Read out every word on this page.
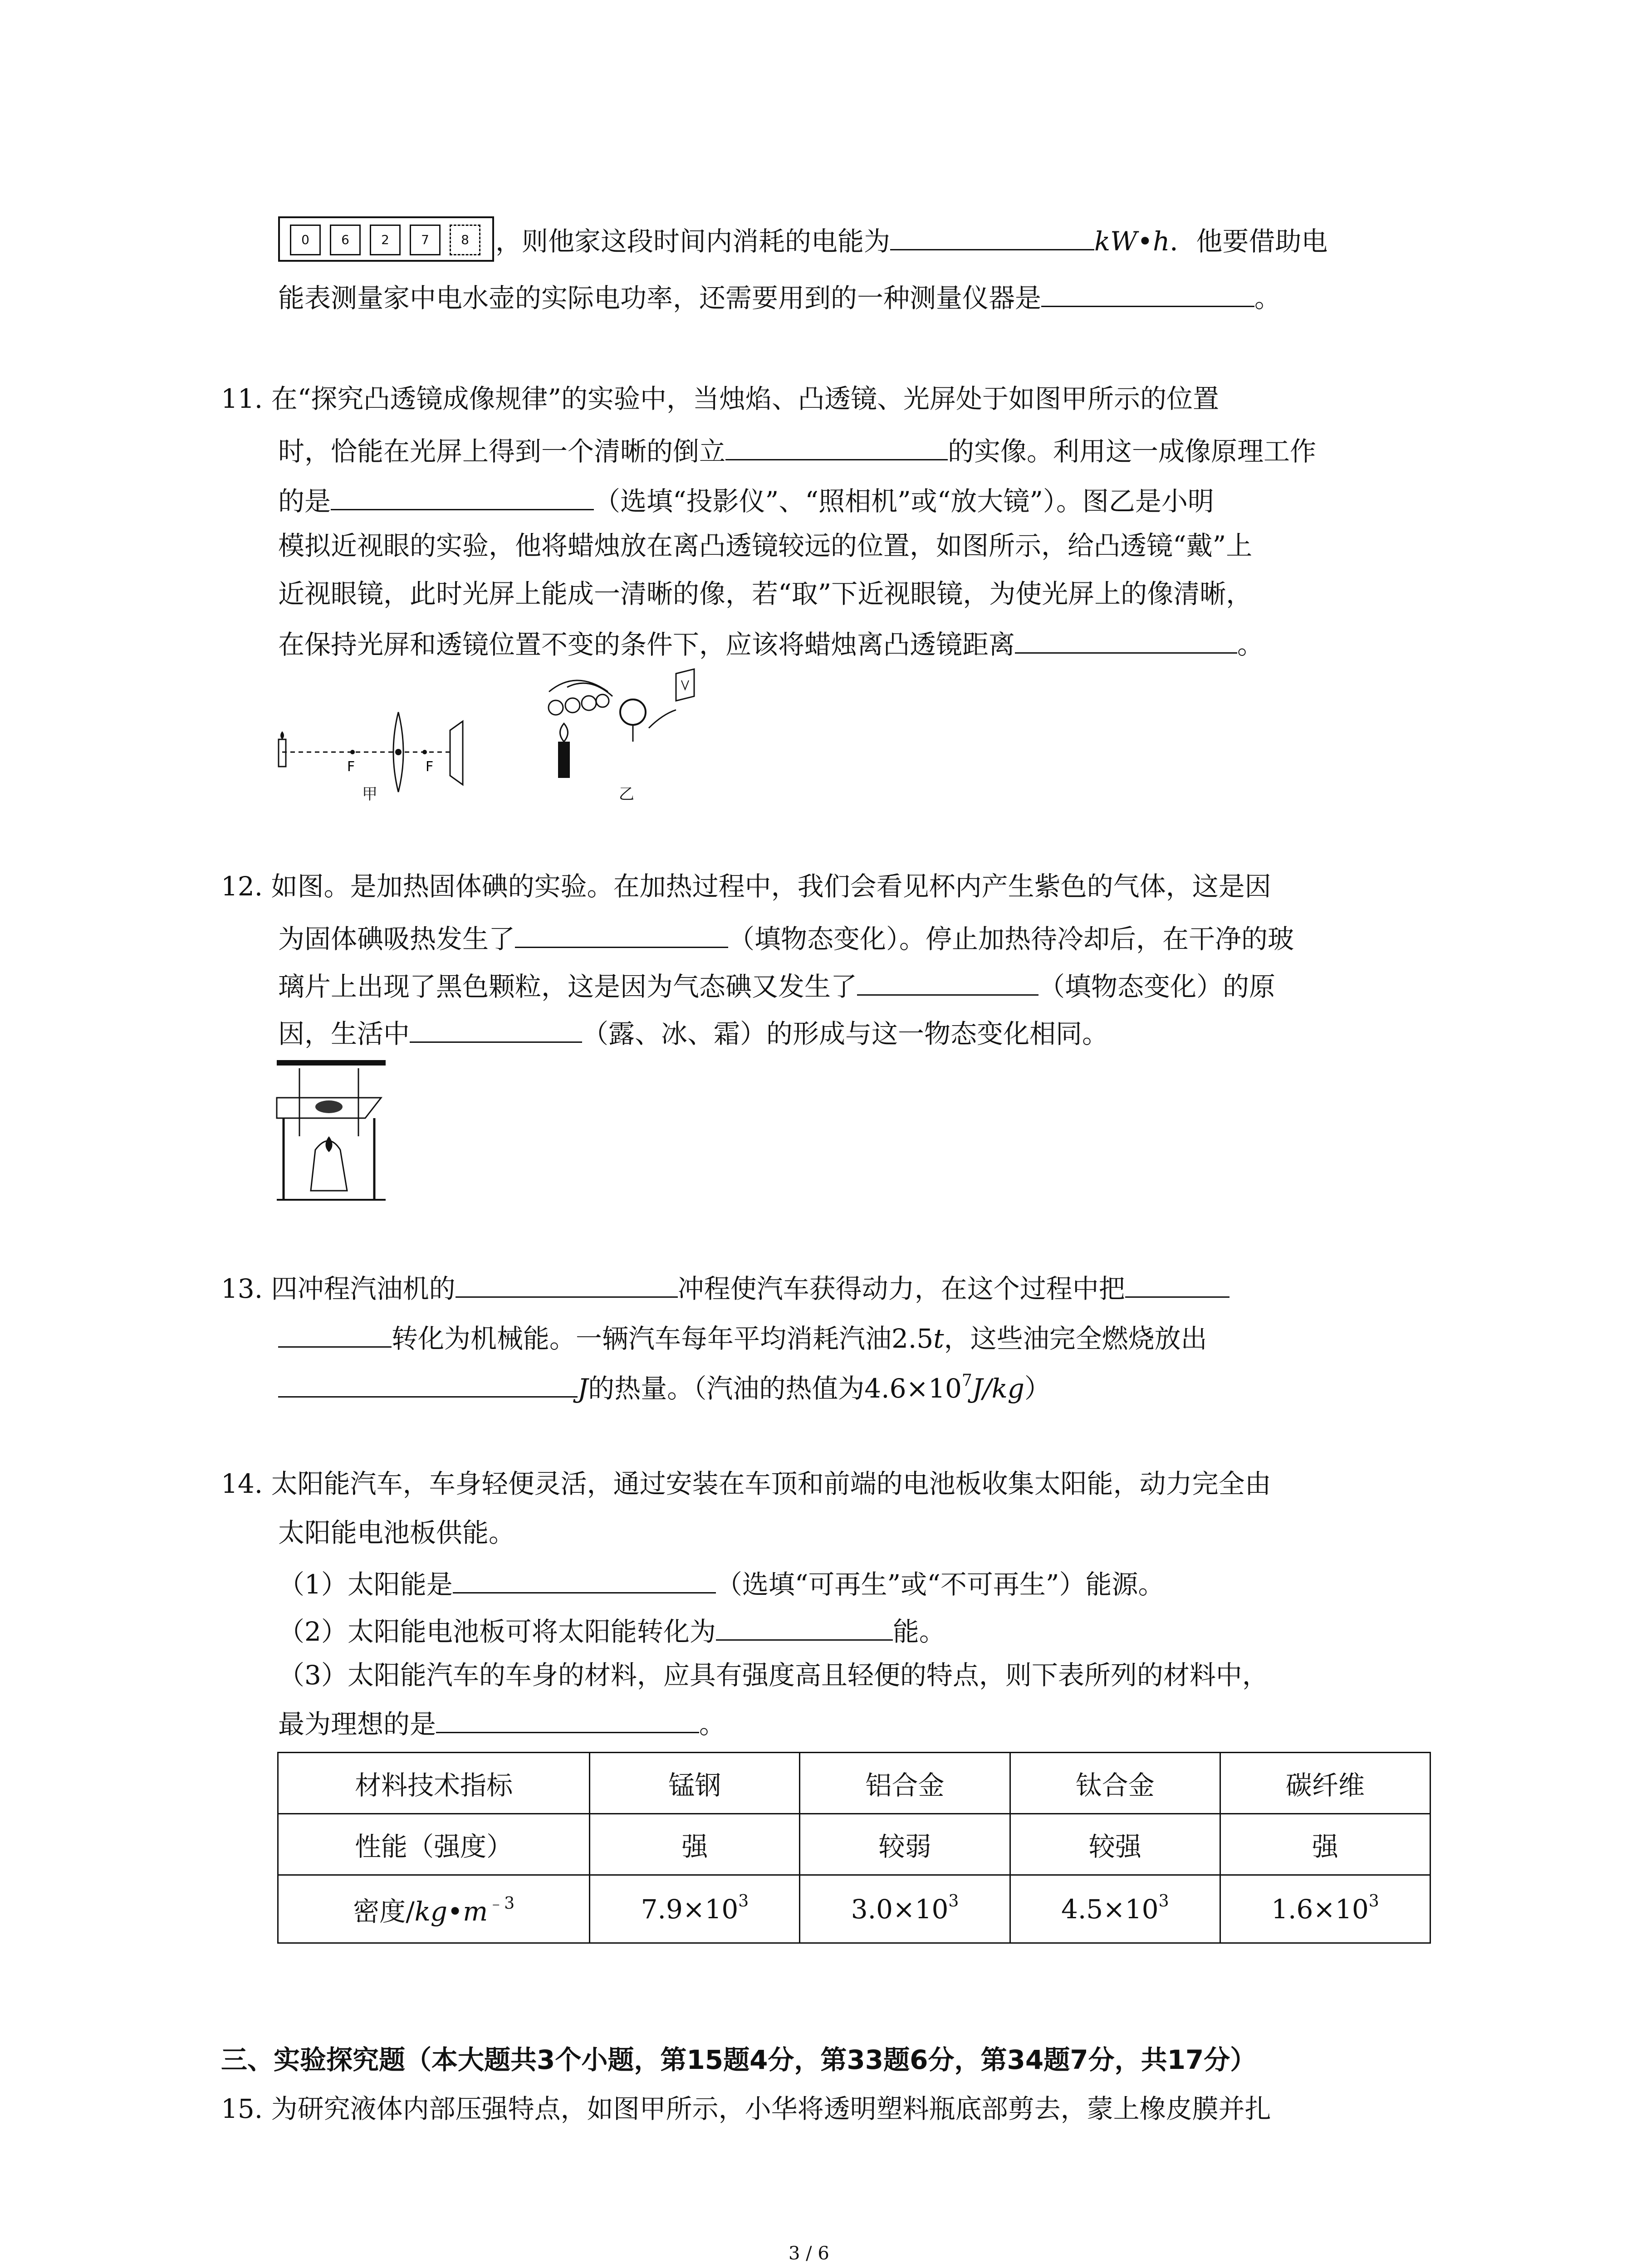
0	6	2	7	8	，则他家这段时间内消耗的电能为	kW•h．他要借助电
能表测量家中电水壶的实际电功率，还需要用到的一种测量仪器是	。
11. 在“探究凸透镜成像规律”的实验中，当烛焰、凸透镜、光屏处于如图甲所示的位置
时，恰能在光屏上得到一个清晰的倒立	的实像。利用这一成像原理工作
的是	（选填“投影仪”、“照相机”或“放大镜”）。图乙是小明
模拟近视眼的实验，他将蜡烛放在离凸透镜较远的位置，如图所示，给凸透镜“戴”上
近视眼镜，此时光屏上能成一清晰的像，若“取”下近视眼镜，为使光屏上的像清晰，
在保持光屏和透镜位置不变的条件下，应该将蜡烛离凸透镜距离	。
F	F
甲	乙
12. 如图。是加热固体碘的实验。在加热过程中，我们会看见杯内产生紫色的气体，这是因
为固体碘吸热发生了	（填物态变化）。停止加热待冷却后，在干净的玻
璃片上出现了黑色颗粒，这是因为气态碘又发生了	（填物态变化）的原
因，生活中	（露、冰、霜）的形成与这一物态变化相同。
13. 四冲程汽油机的	冲程使汽车获得动力，在这个过程中把
转化为机械能。一辆汽车每年平均消耗汽油2.5t，这些油完全燃烧放出
J的热量。（汽油的热值为$4.6\times 10^7J/kg$）
14. 太阳能汽车，车身轻便灵活，通过安装在车顶和前端的电池板收集太阳能，动力完全由
太阳能电池板供能。
（1）太阳能是	（选填“可再生”或“不可再生”）能源。
（2）太阳能电池板可将太阳能转化为	能。
（3）太阳能汽车的车身的材料，应具有强度高且轻便的特点，则下表所列的材料中，
最为理想的是	。
材料技术指标	锰钢	铝合金	钛合金	碳纤维
性能（强度）	强	较弱	较强	强
密度$/kg•m^{﹣3}$	$7.9\times 10^3$	$3.0\times 10^3$	$4.5\times 10^3$	$1.6\times 10^3$
三、实验探究题（本大题共3个小题，第15题4分，第33题6分，第34题7分，共17分）
15. 为研究液体内部压强特点，如图甲所示，小华将透明塑料瓶底部剪去，蒙上橡皮膜并扎
3 / 6
